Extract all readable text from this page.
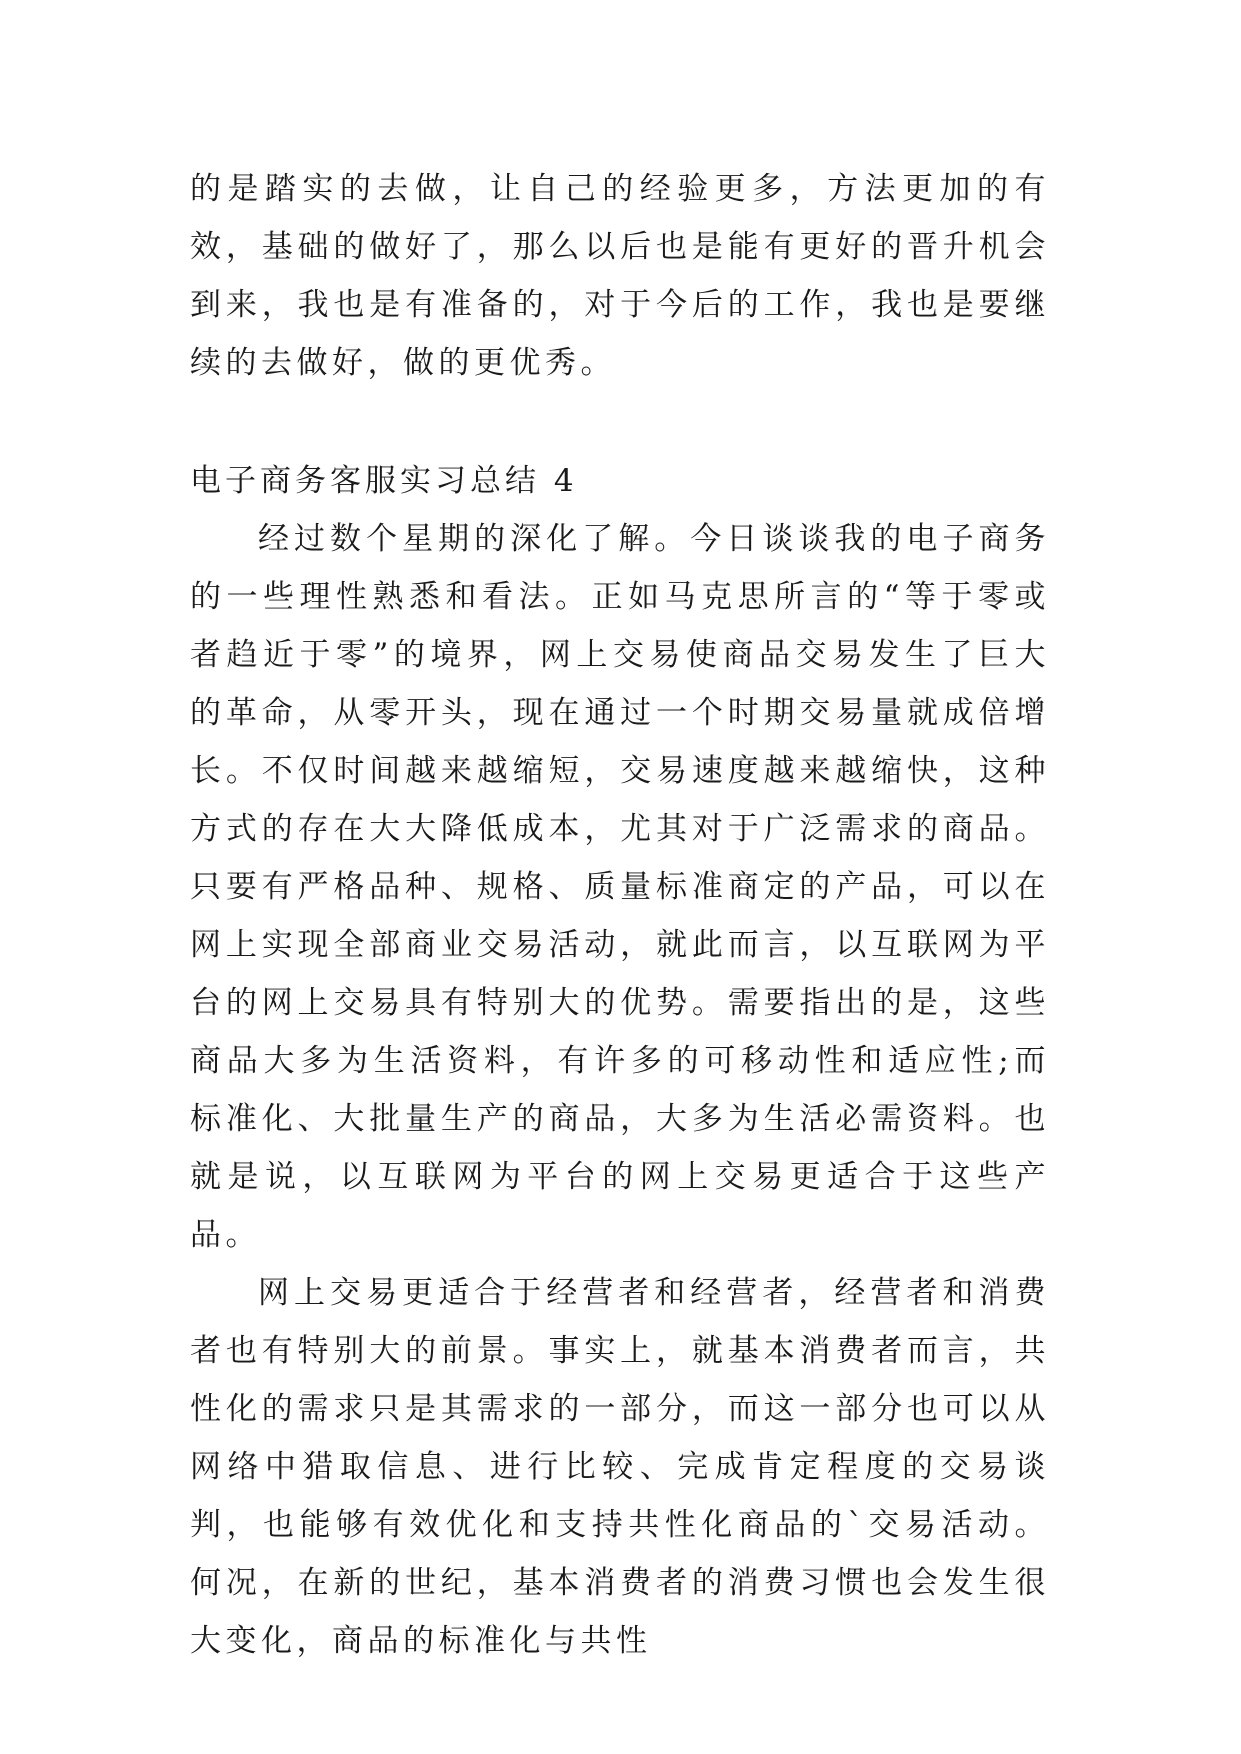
的是踏实的去做，让自己的经验更多，方法更加的有效，基础的做好了，那么以后也是能有更好的晋升机会到来，我也是有准备的，对于今后的工作，我也是要继续的去做好，做的更优秀。

电子商务客服实习总结 4

经过数个星期的深化了解。今日谈谈我的电子商务的一些理性熟悉和看法。正如马克思所言的“等于零或者趋近于零”的境界，网上交易使商品交易发生了巨大的革命，从零开头，现在通过一个时期交易量就成倍增长。不仅时间越来越缩短，交易速度越来越缩快，这种方式的存在大大降低成本，尤其对于广泛需求的商品。只要有严格品种、规格、质量标准商定的产品，可以在网上实现全部商业交易活动，就此而言，以互联网为平台的网上交易具有特别大的优势。需要指出的是，这些商品大多为生活资料，有许多的可移动性和适应性;而标准化、大批量生产的商品，大多为生活必需资料。也就是说，以互联网为平台的网上交易更适合于这些产品。

网上交易更适合于经营者和经营者，经营者和消费者也有特别大的前景。事实上，就基本消费者而言，共性化的需求只是其需求的一部分，而这一部分也可以从网络中猎取信息、进行比较、完成肯定程度的交易谈判，也能够有效优化和支持共性化商品的`交易活动。何况，在新的世纪，基本消费者的消费习惯也会发生很大变化，商品的标准化与共性
